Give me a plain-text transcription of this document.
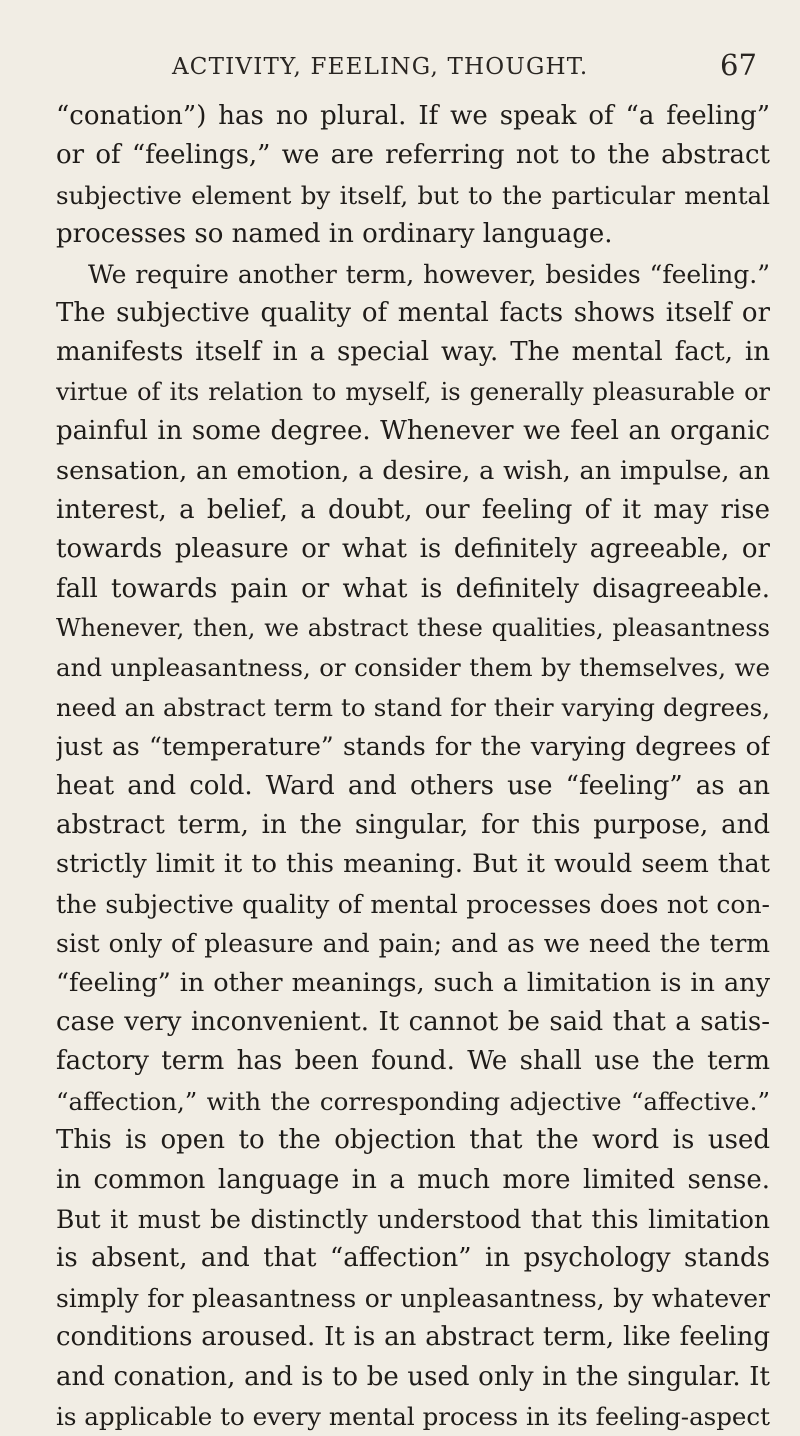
ACTIVITY, FEELING, THOUGHT.	67
“conation”) has no plural. If we speak of “a feeling”
or of “feelings,” we are referring not to the abstract
subjective element by itself, but to the particular mental
processes so named in ordinary language.
We require another term, however, besides “feeling.”
The subjective quality of mental facts shows itself or
manifests itself in a special way. The mental fact, in
virtue of its relation to myself, is generally pleasurable or
painful in some degree. Whenever we feel an organic
sensation, an emotion, a desire, a wish, an impulse, an
interest, a belief, a doubt, our feeling of it may rise
towards pleasure or what is definitely agreeable, or
fall towards pain or what is definitely disagreeable.
Whenever, then, we abstract these qualities, pleasantness
and unpleasantness, or consider them by themselves, we
need an abstract term to stand for their varying degrees,
just as “temperature” stands for the varying degrees of
heat and cold. Ward and others use “feeling” as an
abstract term, in the singular, for this purpose, and
strictly limit it to this meaning. But it would seem that
the subjective quality of mental processes does not con-
sist only of pleasure and pain; and as we need the term
“feeling” in other meanings, such a limitation is in any
case very inconvenient. It cannot be said that a satis-
factory term has been found. We shall use the term
“affection,” with the corresponding adjective “affective.”
This is open to the objection that the word is used
in common language in a much more limited sense.
But it must be distinctly understood that this limitation
is absent, and that “affection” in psychology stands
simply for pleasantness or unpleasantness, by whatever
conditions aroused. It is an abstract term, like feeling
and conation, and is to be used only in the singular. It
is applicable to every mental process in its feeling-aspect
